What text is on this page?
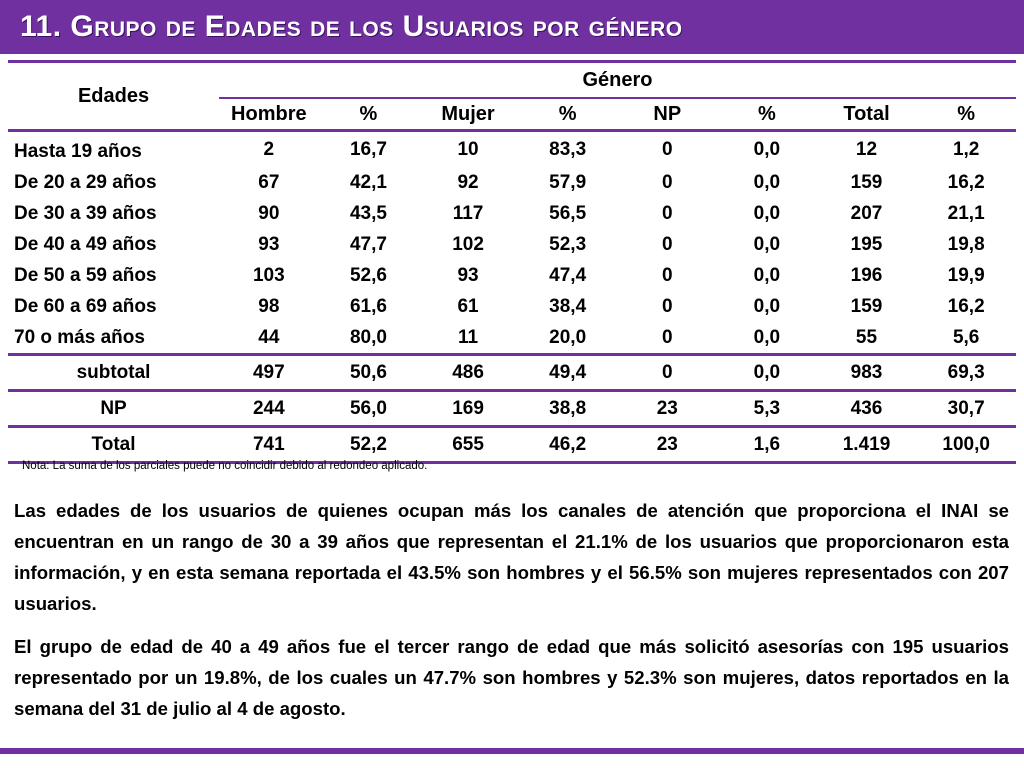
11. Grupo de Edades de los Usuarios por género
Edades	Género							
	Hombre	%	Mujer	%	NP	%	Total	%
Hasta 19 años	2	16,7	10	83,3	0	0,0	12	1,2
De 20 a 29 años	67	42,1	92	57,9	0	0,0	159	16,2
De 30 a 39 años	90	43,5	117	56,5	0	0,0	207	21,1
De 40 a 49 años	93	47,7	102	52,3	0	0,0	195	19,8
De 50 a 59 años	103	52,6	93	47,4	0	0,0	196	19,9
De 60 a 69 años	98	61,6	61	38,4	0	0,0	159	16,2
70 o más años	44	80,0	11	20,0	0	0,0	55	5,6
subtotal	497	50,6	486	49,4	0	0,0	983	69,3
NP	244	56,0	169	38,8	23	5,3	436	30,7
Total	741	52,2	655	46,2	23	1,6	1.419	100,0
Nota: La suma de los parciales puede no coincidir debido al redondeo aplicado.

Las edades de los usuarios de quienes ocupan más los canales de atención que proporciona el INAI se encuentran en un rango de 30 a 39 años que representan el 21.1% de los usuarios que proporcionaron esta información, y en esta semana reportada el 43.5% son hombres y el 56.5% son mujeres representados con 207 usuarios.

El grupo de edad de 40 a 49 años fue el tercer rango de edad que más solicitó asesorías con 195 usuarios representado por un 19.8%, de los cuales un 47.7% son hombres y 52.3% son mujeres, datos reportados en la semana del 31 de julio al 4 de agosto.
